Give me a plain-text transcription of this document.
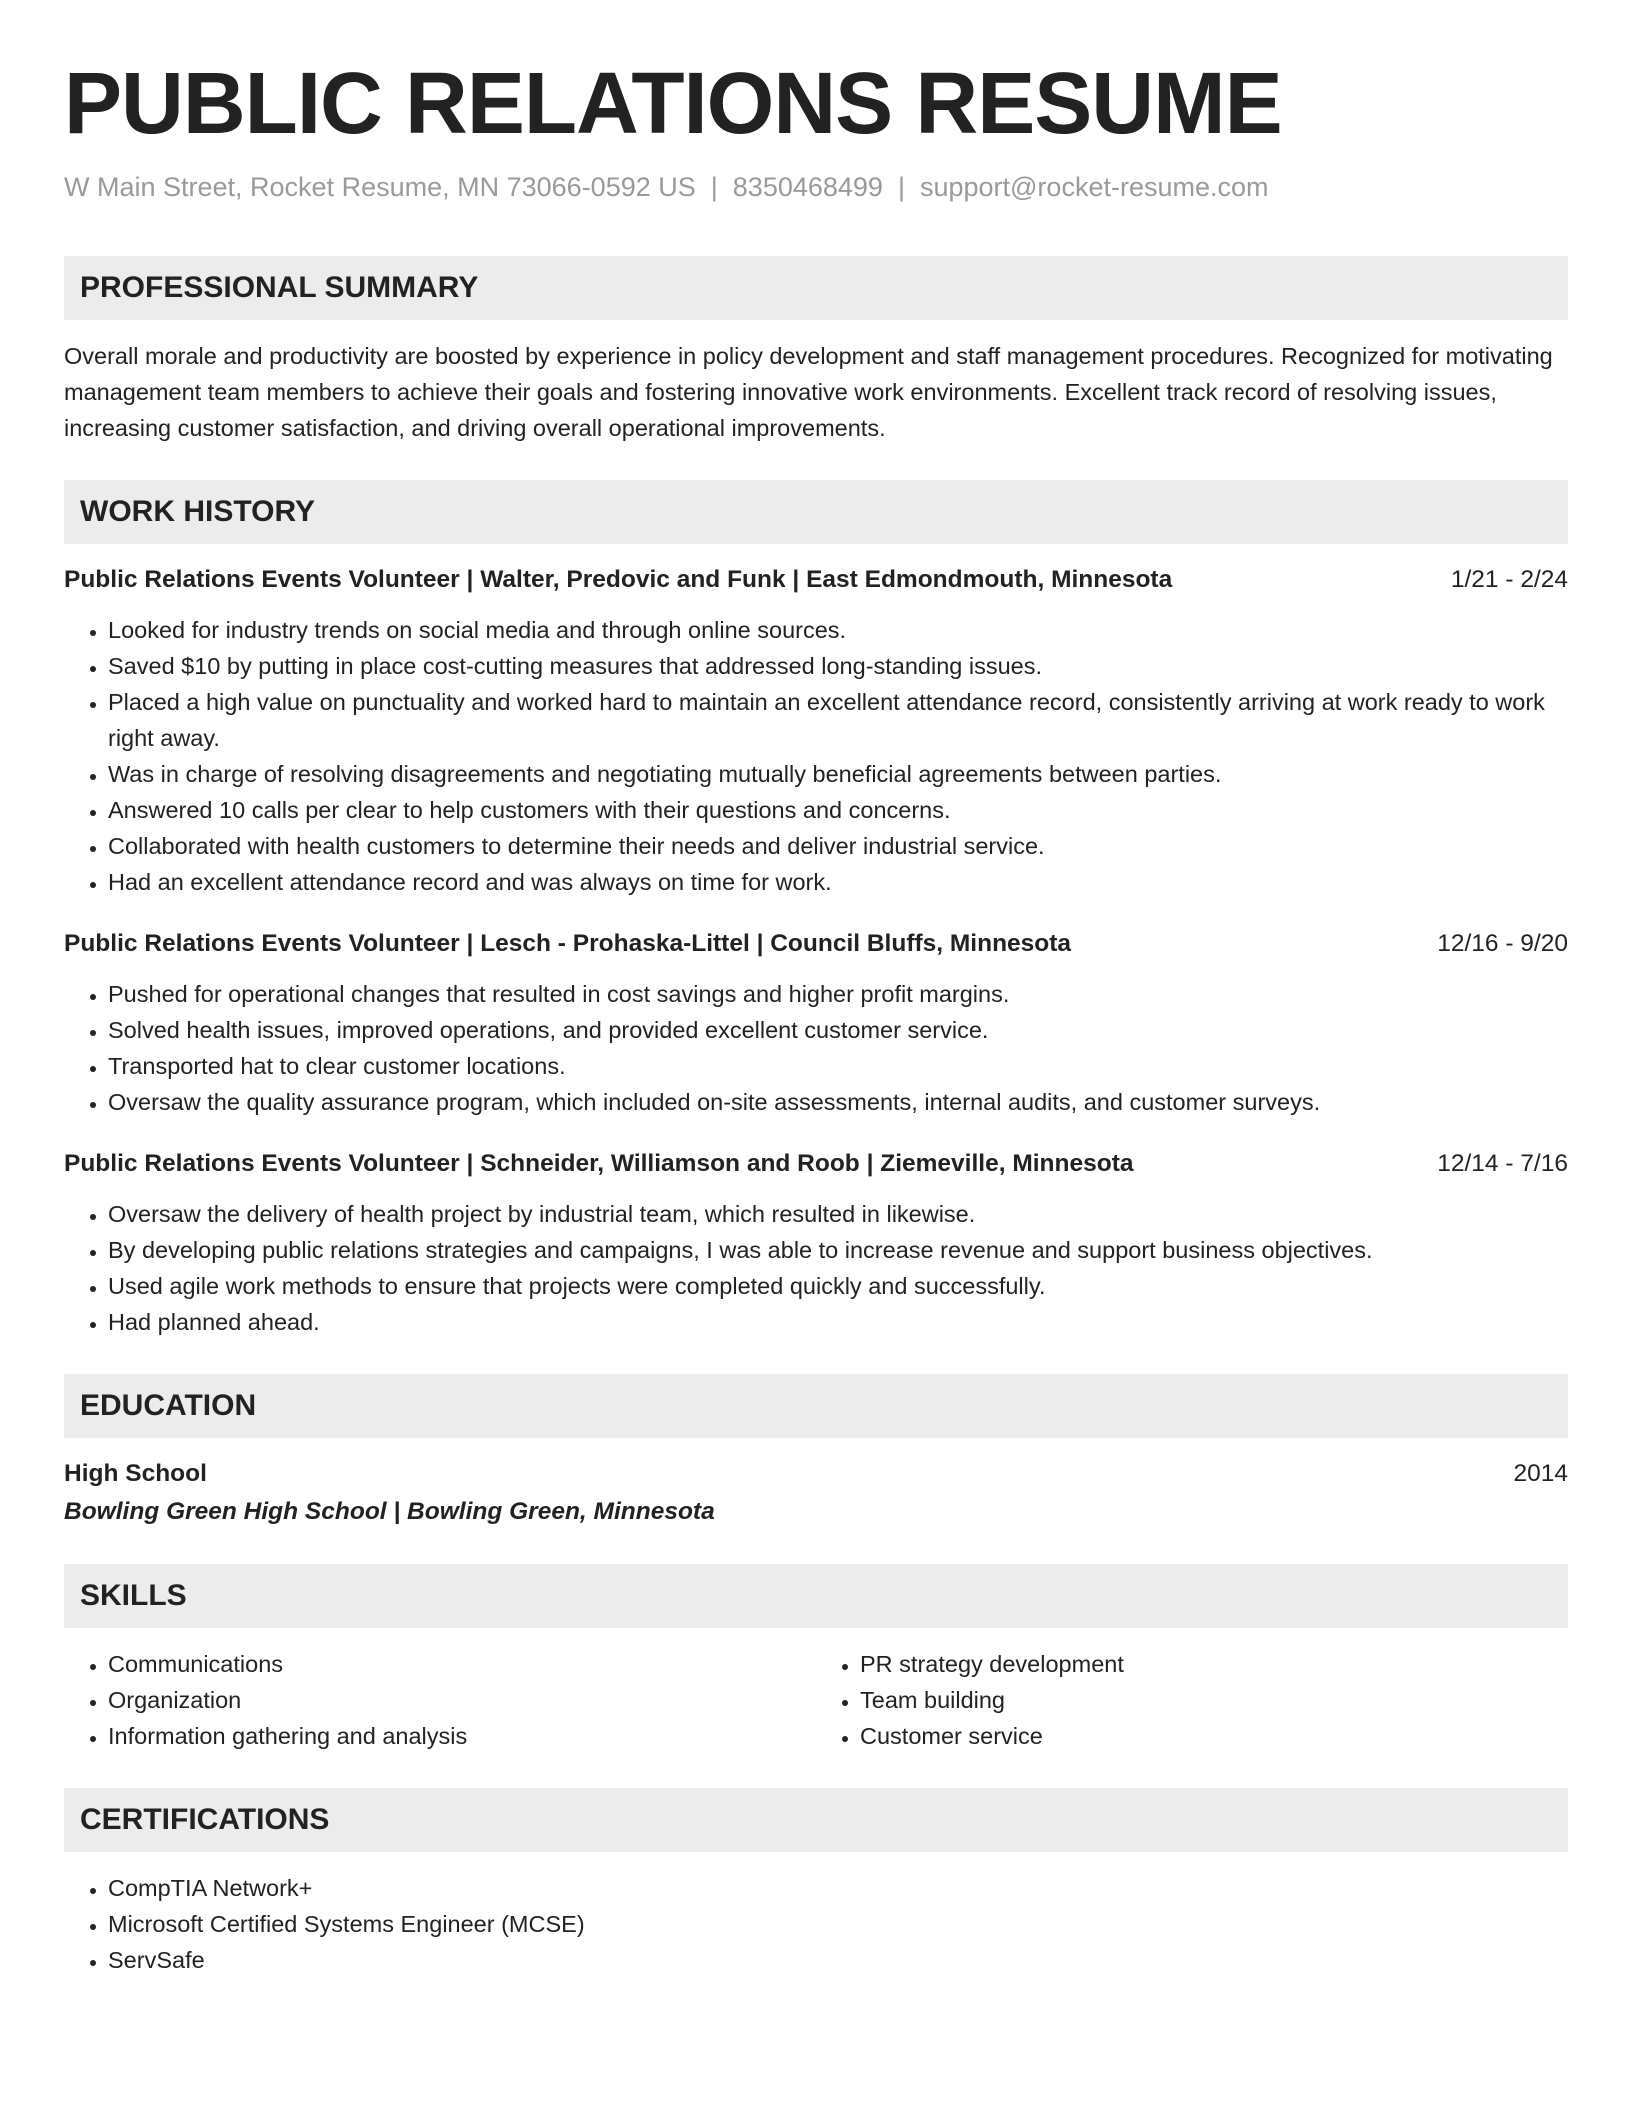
PUBLIC RELATIONS RESUME
W Main Street, Rocket Resume, MN 73066-0592 US | 8350468499 | support@rocket-resume.com
PROFESSIONAL SUMMARY

Overall morale and productivity are boosted by experience in policy development and staff management procedures. Recognized for motivating management team members to achieve their goals and fostering innovative work environments. Excellent track record of resolving issues, increasing customer satisfaction, and driving overall operational improvements.

WORK HISTORY
Public Relations Events Volunteer | Walter, Predovic and Funk | East Edmondmouth, Minnesota	1/21 - 2/24
• Looked for industry trends on social media and through online sources.
• Saved $10 by putting in place cost-cutting measures that addressed long-standing issues.
• Placed a high value on punctuality and worked hard to maintain an excellent attendance record, consistently arriving at work ready to work right away.
• Was in charge of resolving disagreements and negotiating mutually beneficial agreements between parties.
• Answered 10 calls per clear to help customers with their questions and concerns.
• Collaborated with health customers to determine their needs and deliver industrial service.
• Had an excellent attendance record and was always on time for work.
Public Relations Events Volunteer | Lesch - Prohaska-Littel | Council Bluffs, Minnesota	12/16 - 9/20
• Pushed for operational changes that resulted in cost savings and higher profit margins.
• Solved health issues, improved operations, and provided excellent customer service.
• Transported hat to clear customer locations.
• Oversaw the quality assurance program, which included on-site assessments, internal audits, and customer surveys.
Public Relations Events Volunteer | Schneider, Williamson and Roob | Ziemeville, Minnesota	12/14 - 7/16
• Oversaw the delivery of health project by industrial team, which resulted in likewise.
• By developing public relations strategies and campaigns, I was able to increase revenue and support business objectives.
• Used agile work methods to ensure that projects were completed quickly and successfully.
• Had planned ahead.
EDUCATION
High School	2014
Bowling Green High School | Bowling Green, Minnesota
SKILLS
• Communications
• Organization
• Information gathering and analysis
• PR strategy development
• Team building
• Customer service
CERTIFICATIONS
• CompTIA Network+
• Microsoft Certified Systems Engineer (MCSE)
• ServSafe
